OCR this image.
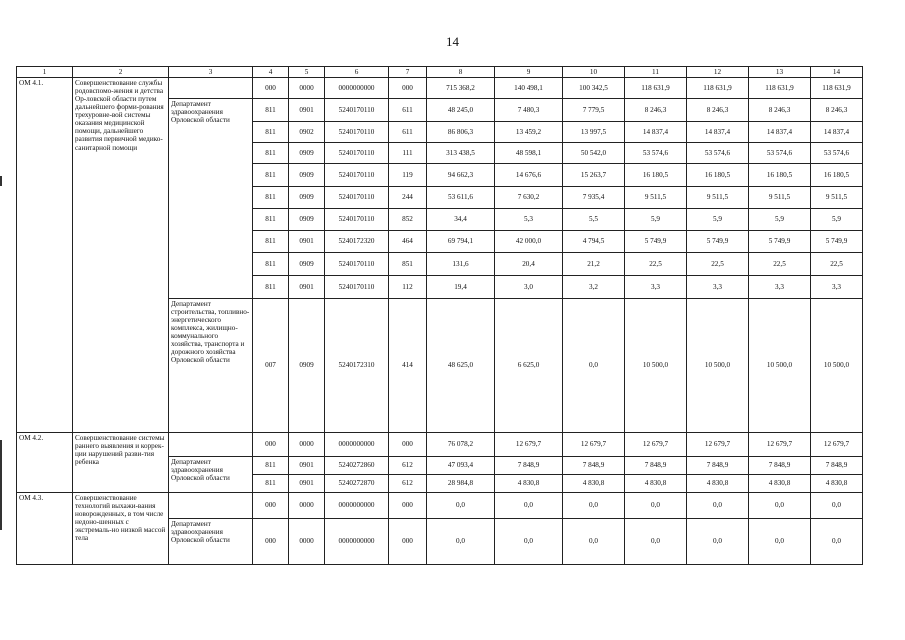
14
1	2	3	4	5	6	7	8	9	10	11	12	13	14
ОМ 4.1.	Совершенствование службы родовспомо-жения и детства Ор-ловской области путем дальнейшего форми-рования трехуровне-вой системы оказания медицинской помощи, дальнейшего развития первичной медико-санитарной помощи		000	0000	0000000000	000	715 368,2	140 498,1	100 342,5	118 631,9	118 631,9	118 631,9	118 631,9
		Департамент здравоохранения Орловской области	811	0901	5240170110	611	48 245,0	7 480,3	7 779,5	8 246,3	8 246,3	8 246,3	8 246,3
			811	0902	5240170110	611	86 806,3	13 459,2	13 997,5	14 837,4	14 837,4	14 837,4	14 837,4
			811	0909	5240170110	111	313 438,5	48 598,1	50 542,0	53 574,6	53 574,6	53 574,6	53 574,6
			811	0909	5240170110	119	94 662,3	14 676,6	15 263,7	16 180,5	16 180,5	16 180,5	16 180,5
			811	0909	5240170110	244	53 611,6	7 630,2	7 935,4	9 511,5	9 511,5	9 511,5	9 511,5
			811	0909	5240170110	852	34,4	5,3	5,5	5,9	5,9	5,9	5,9
			811	0901	5240172320	464	69 794,1	42 000,0	4 794,5	5 749,9	5 749,9	5 749,9	5 749,9
			811	0909	5240170110	851	131,6	20,4	21,2	22,5	22,5	22,5	22,5
			811	0901	5240170110	112	19,4	3,0	3,2	3,3	3,3	3,3	3,3
		Департамент строительства, топливно-энергетического комплекса, жилищно-коммунального хозяйства, транспорта и дорожного хозяйства Орловской области	007	0909	5240172310	414	48 625,0	6 625,0	0,0	10 500,0	10 500,0	10 500,0	10 500,0
ОМ 4.2.	Совершенствование системы раннего выявления и коррек-ции нарушений разви-тия ребенка		000	0000	0000000000	000	76 078,2	12 679,7	12 679,7	12 679,7	12 679,7	12 679,7	12 679,7
		Департамент здравоохранения Орловской области	811	0901	5240272860	612	47 093,4	7 848,9	7 848,9	7 848,9	7 848,9	7 848,9	7 848,9
			811	0901	5240272870	612	28 984,8	4 830,8	4 830,8	4 830,8	4 830,8	4 830,8	4 830,8
ОМ 4.3.	Совершенствование технологий выхажи-вания новорожденных, в том числе недоно-шенных с экстремаль-но низкой массой тела		000	0000	0000000000	000	0,0	0,0	0,0	0,0	0,0	0,0	0,0
		Департамент здравоохранения Орловской области	000	0000	0000000000	000	0,0	0,0	0,0	0,0	0,0	0,0	0,0
